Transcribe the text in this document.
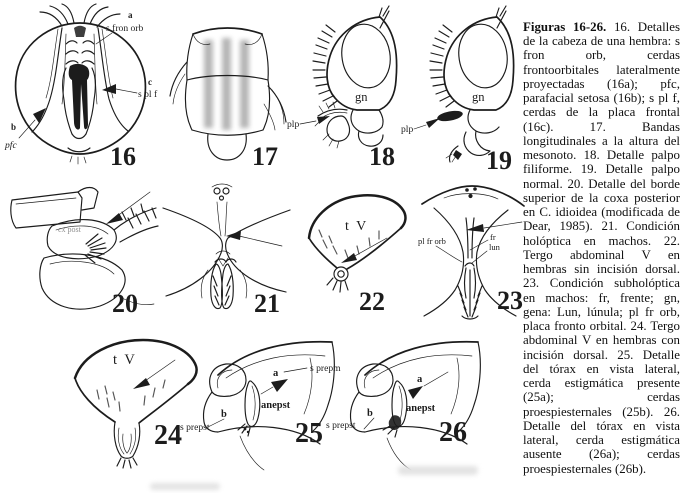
a
s fron orb
c
s pl f
b
pfc	16	17
gn
plp
18
gn
plp
19
cx post
20	21
t V
22
pl fr orb	fr
lun
23
t V
24
a	s prepm
anepst
b
s prepst	25
a
anepst
b
s prepst	26

Figuras 16-26. 16. Detalles de la cabeza de una hembra: s fron orb, cerdas frontoorbitales lateralmente proyectadas (16a); pfc, parafacial setosa (16b); s pl f, cerdas de la placa frontal (16c). 17. Bandas longitudinales a la altura del mesonoto. 18. Detalle palpo filiforme. 19. Detalle palpo normal. 20. Detalle del borde superior de la coxa posterior en C. idioidea (modificada de Dear, 1985). 21. Condición holóptica en machos. 22. Tergo abdominal V en hembras sin incisión dorsal. 23. Condición subholóptica en machos: fr, frente; gn, gena: Lun, lúnula; pl fr orb, placa fronto orbital. 24. Tergo abdominal V en hembras con incisión dorsal. 25. Detalle del tórax en vista lateral, cerda estigmática presente (25a); cerdas proespiesternales (25b). 26. Detalle del tórax en vista lateral, cerda estigmática ausente (26a); cerdas proespiesternales (26b).
